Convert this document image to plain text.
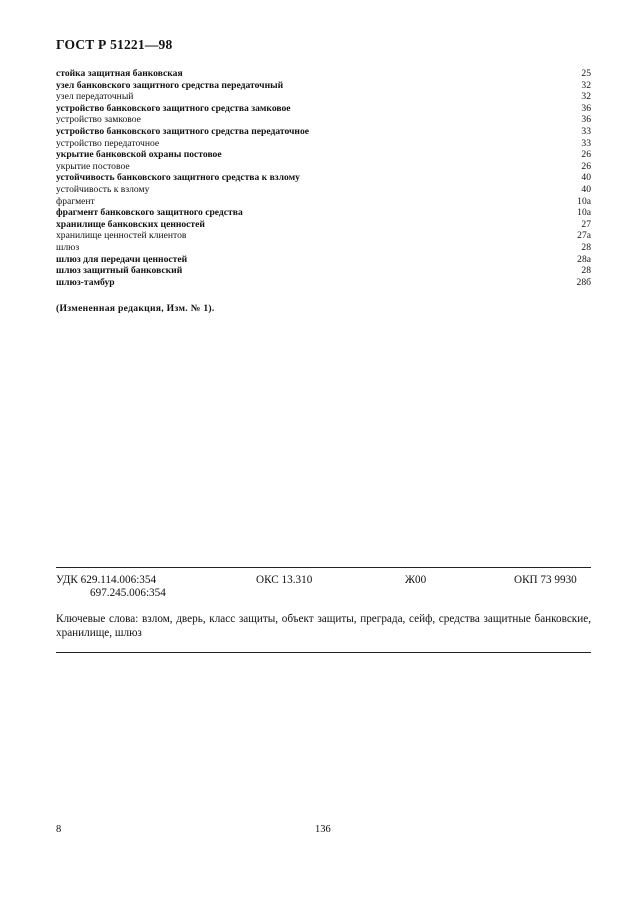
ГОСТ Р 51221—98
стойка защитная банковская	25
узел банковского защитного средства передаточный	32
узел передаточный	32
устройство банковского защитного средства замковое	36
устройство замковое	36
устройство банковского защитного средства передаточное	33
устройство передаточное	33
укрытие банковской охраны постовое	26
укрытие постовое	26
устойчивость банковского защитного средства к взлому	40
устойчивость к взлому	40
фрагмент	10а
фрагмент банковского защитного средства	10а
хранилище банковских ценностей	27
хранилище ценностей клиентов	27а
шлюз	28
шлюз для передачи ценностей	28а
шлюз защитный банковский	28
шлюз-тамбур	28б
(Измененная редакция, Изм. № 1).
УДК 629.114.006:354
697.245.006:354
ОКС 13.310	Ж00	ОКП 73 9930
Ключевые слова: взлом, дверь, класс защиты, объект защиты, преграда, сейф, средства защитные банковские, хранилище, шлюз
8	136
